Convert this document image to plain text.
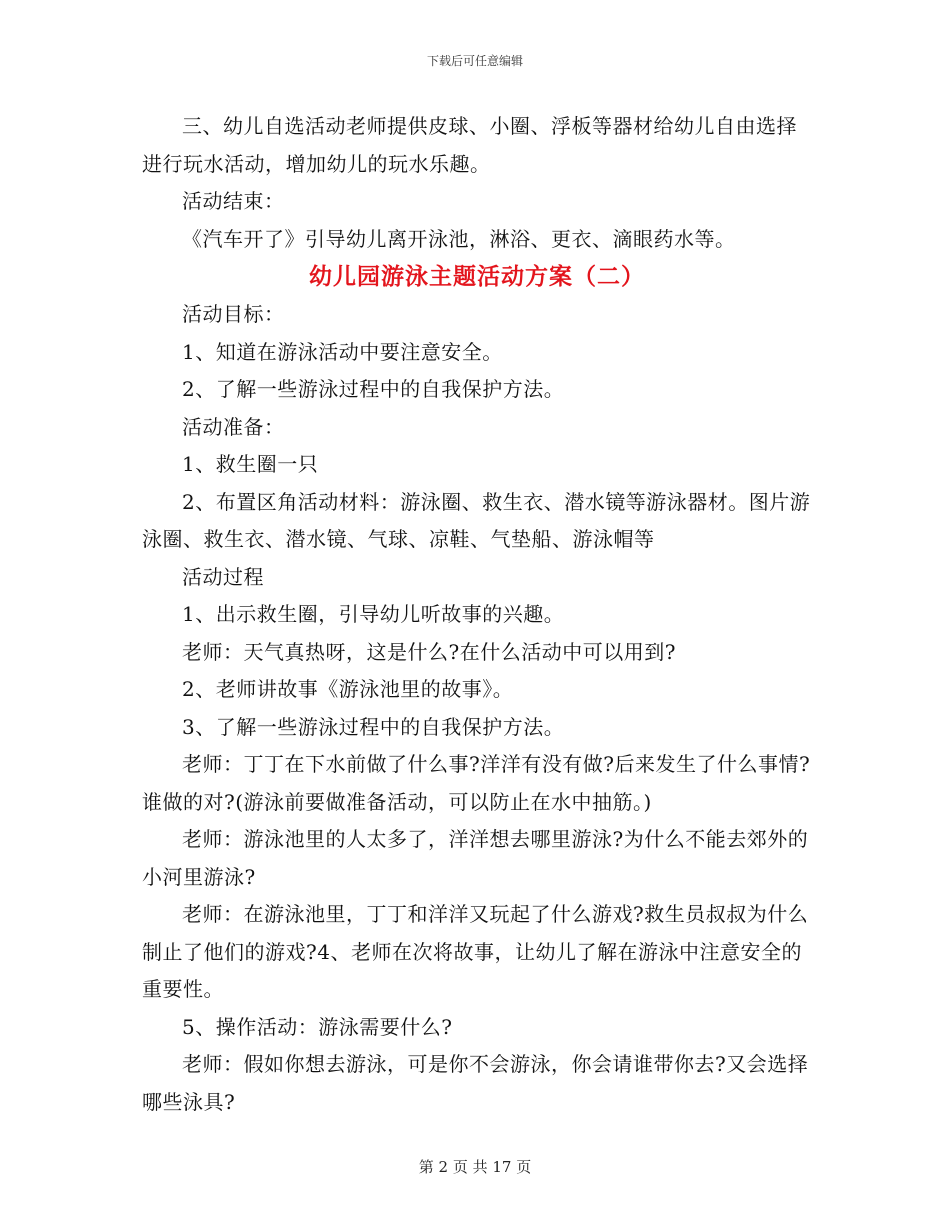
下载后可任意编辑

三、幼儿自选活动老师提供皮球、小圈、浮板等器材给幼儿自由选择进行玩水活动，增加幼儿的玩水乐趣。

活动结束：

《汽车开了》引导幼儿离开泳池，淋浴、更衣、滴眼药水等。

幼儿园游泳主题活动方案（二）

活动目标：

1、知道在游泳活动中要注意安全。

2、了解一些游泳过程中的自我保护方法。

活动准备：

1、救生圈一只

2、布置区角活动材料：游泳圈、救生衣、潜水镜等游泳器材。图片游泳圈、救生衣、潜水镜、气球、凉鞋、气垫船、游泳帽等

活动过程

1、出示救生圈，引导幼儿听故事的兴趣。

老师：天气真热呀，这是什么?在什么活动中可以用到?

2、老师讲故事《游泳池里的故事》。

3、了解一些游泳过程中的自我保护方法。

老师：丁丁在下水前做了什么事?洋洋有没有做?后来发生了什么事情?谁做的对?(游泳前要做准备活动，可以防止在水中抽筋。)

老师：游泳池里的人太多了，洋洋想去哪里游泳?为什么不能去郊外的小河里游泳?

老师：在游泳池里，丁丁和洋洋又玩起了什么游戏?救生员叔叔为什么制止了他们的游戏?4、老师在次将故事，让幼儿了解在游泳中注意安全的重要性。

5、操作活动：游泳需要什么?

老师：假如你想去游泳，可是你不会游泳，你会请谁带你去?又会选择哪些泳具?

第 2 页 共 17 页
